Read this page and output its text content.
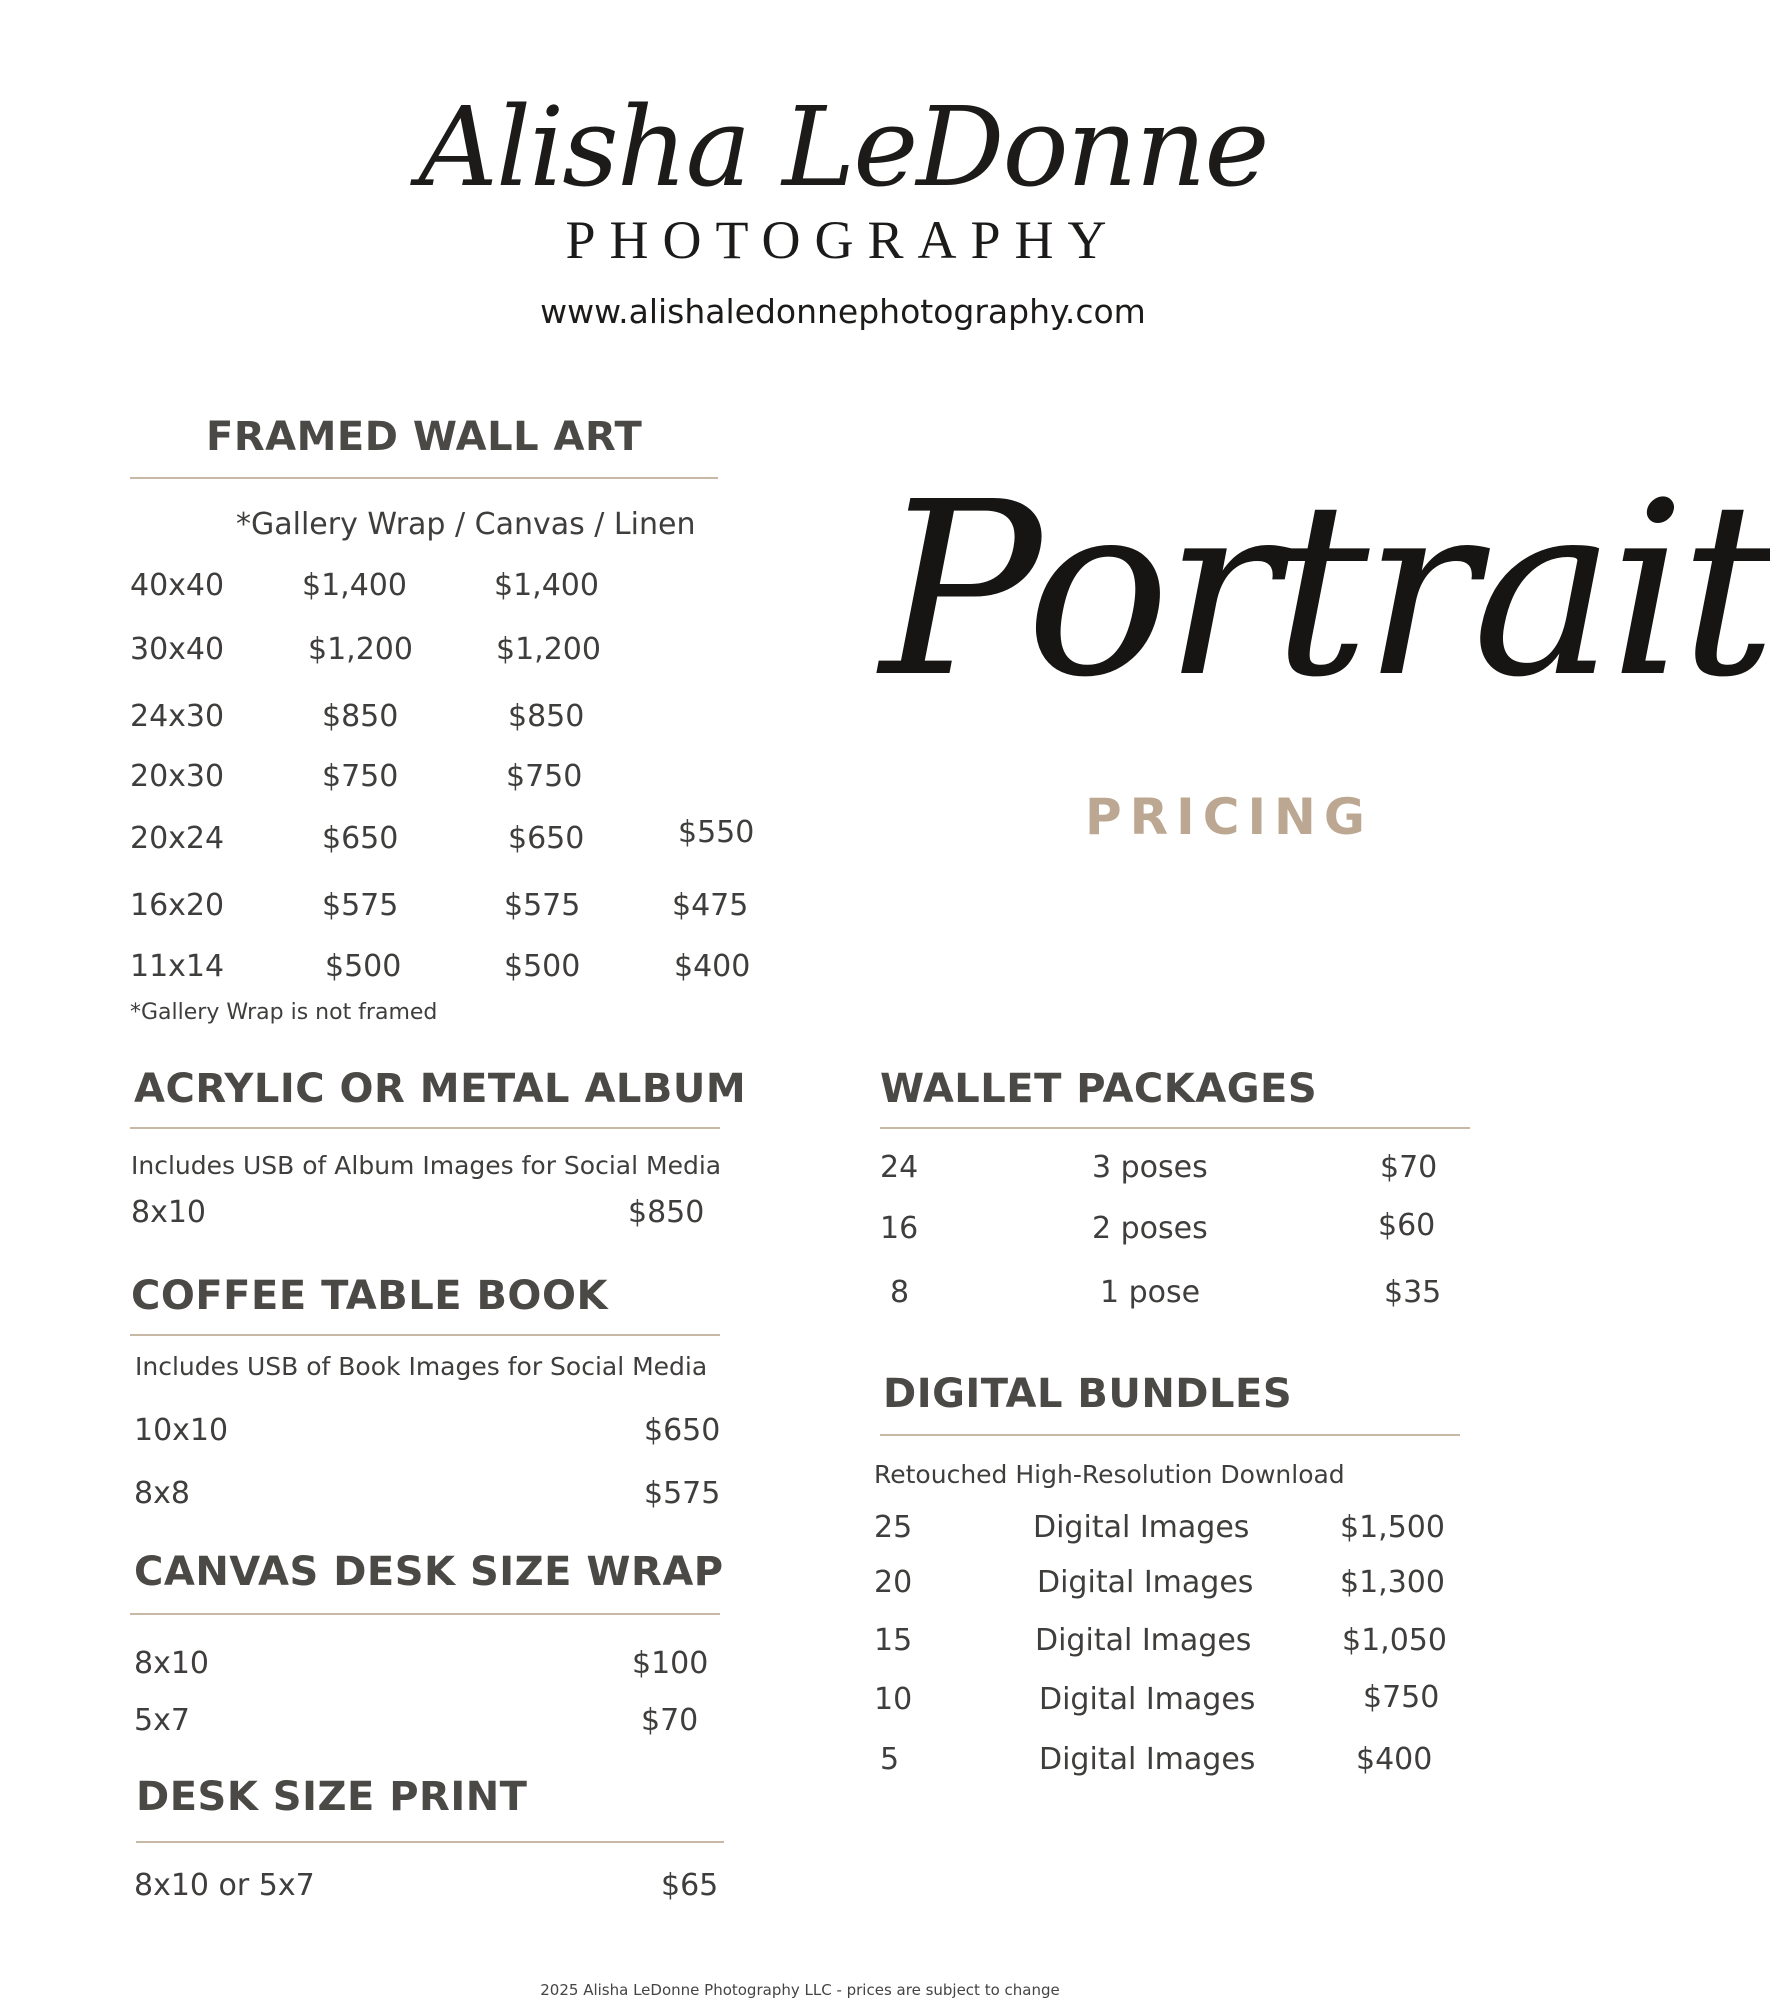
Alisha LeDonne
PHOTOGRAPHY
www.alishaledonnephotography.com
Portrait
PRICING
FRAMED WALL ART
*Gallery Wrap / Canvas / Linen
40x40	$1,400	$1,400
30x40	$1,200	$1,200
24x30	$850	$850
20x30	$750	$750
20x24	$650	$650	$550
16x20	$575	$575	$475
11x14	$500	$500	$400
*Gallery Wrap is not framed
ACRYLIC OR METAL ALBUM
Includes USB of Album Images for Social Media
8x10	$850
COFFEE TABLE BOOK
Includes USB of Book Images for Social Media
10x10	$650
8x8	$575
CANVAS DESK SIZE WRAP
8x10	$100
5x7	$70
DESK SIZE PRINT
8x10 or 5x7	$65
WALLET PACKAGES
24	3 poses	$70
16	2 poses	$60
8	1 pose	$35
DIGITAL BUNDLES
Retouched High-Resolution Download
25	Digital Images	$1,500
20	Digital Images	$1,300
15	Digital Images	$1,050
10	Digital Images	$750
5	Digital Images	$400
2025 Alisha LeDonne Photography LLC - prices are subject to change
